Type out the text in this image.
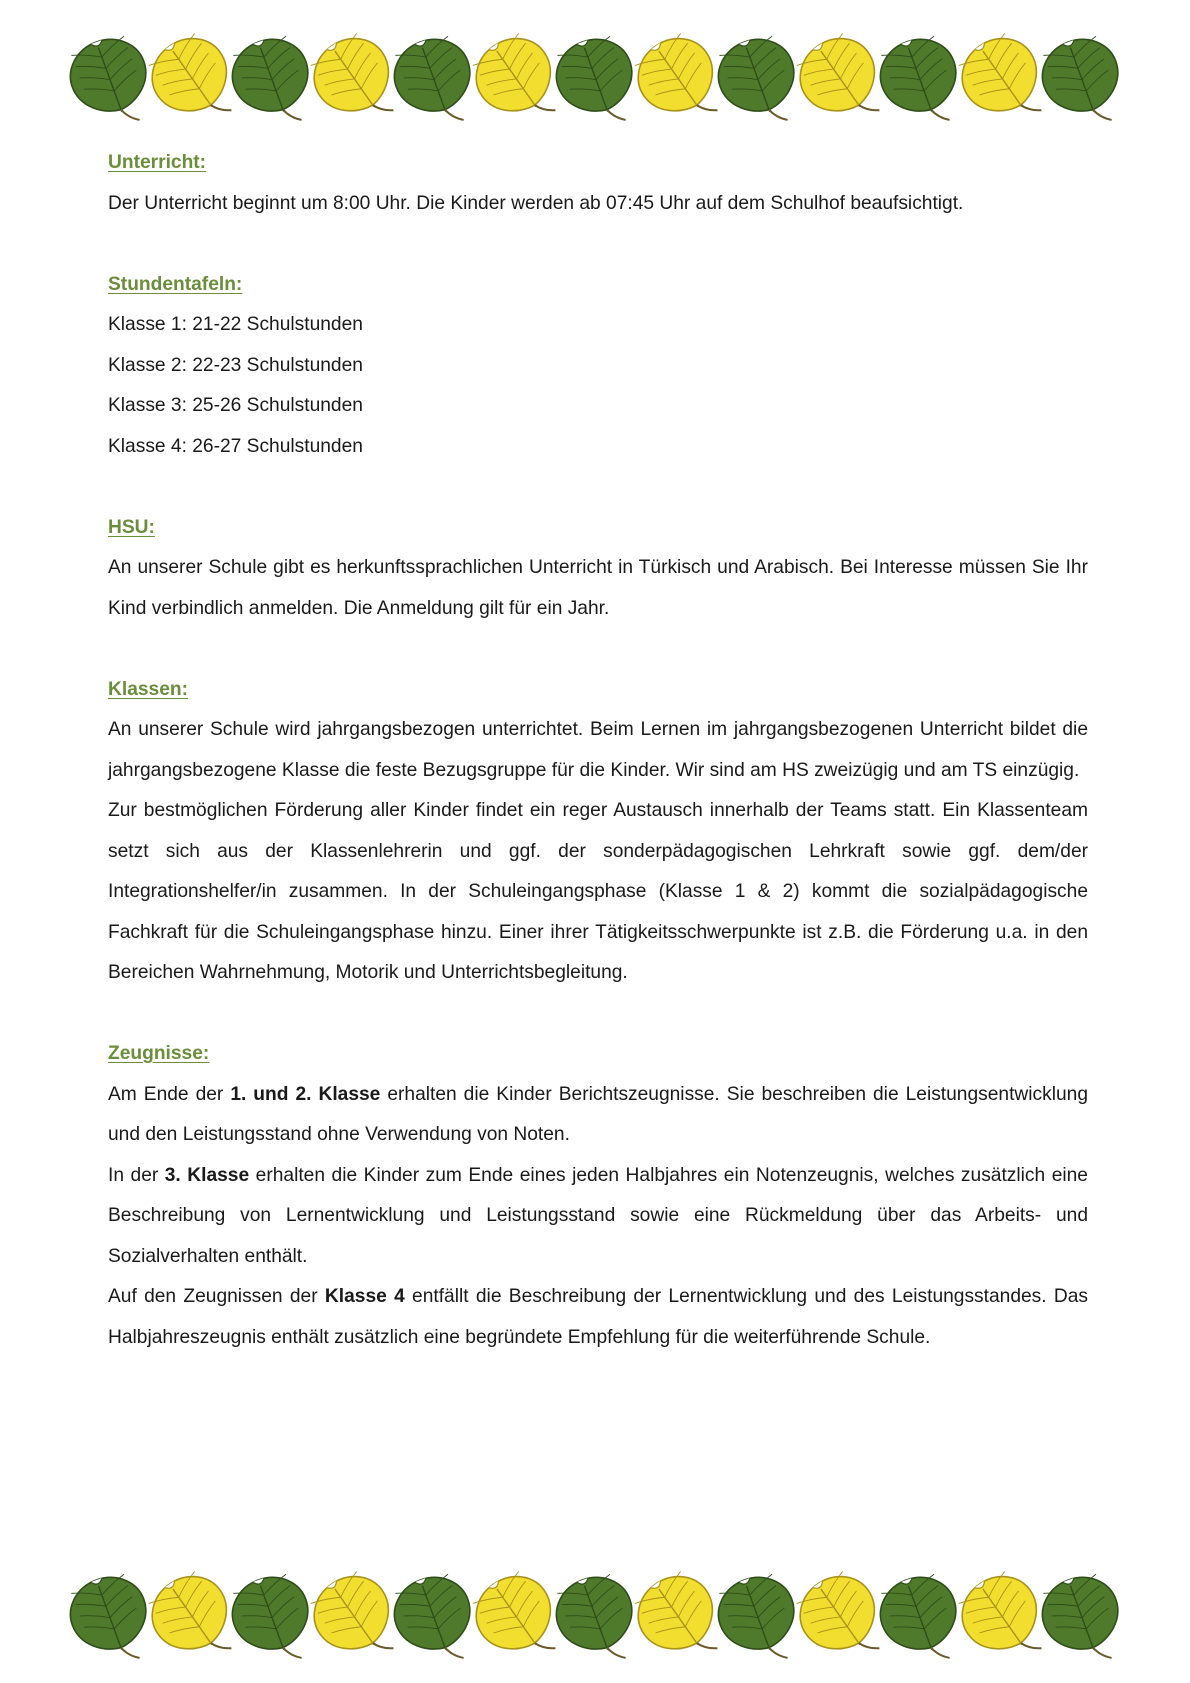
Unterricht:

Der Unterricht beginnt um 8:00 Uhr. Die Kinder werden ab 07:45 Uhr auf dem Schulhof beaufsichtigt.

Stundentafeln:
Klasse 1: 21-22 Schulstunden
Klasse 2: 22-23 Schulstunden
Klasse 3: 25-26 Schulstunden
Klasse 4: 26-27 Schulstunden
HSU:

An unserer Schule gibt es herkunftssprachlichen Unterricht in Türkisch und Arabisch. Bei Interesse müssen Sie Ihr Kind verbindlich anmelden. Die Anmeldung gilt für ein Jahr.

Klassen:

An unserer Schule wird jahrgangsbezogen unterrichtet. Beim Lernen im jahrgangsbezogenen Unterricht bildet die jahrgangsbezogene Klasse die feste Bezugsgruppe für die Kinder. Wir sind am HS zweizügig und am TS einzügig.

Zur bestmöglichen Förderung aller Kinder findet ein reger Austausch innerhalb der Teams statt. Ein Klassenteam setzt sich aus der Klassenlehrerin und ggf. der sonderpädagogischen Lehrkraft sowie ggf. dem/der Integrationshelfer/in zusammen. In der Schuleingangsphase (Klasse 1 & 2) kommt die sozialpädagogische Fachkraft für die Schuleingangsphase hinzu. Einer ihrer Tätigkeitsschwerpunkte ist z.B. die Förderung u.a. in den Bereichen Wahrnehmung, Motorik und Unterrichtsbegleitung.

Zeugnisse:

Am Ende der 1. und 2. Klasse erhalten die Kinder Berichtszeugnisse. Sie beschreiben die Leistungsentwicklung und den Leistungsstand ohne Verwendung von Noten.

In der 3. Klasse erhalten die Kinder zum Ende eines jeden Halbjahres ein Notenzeugnis, welches zusätzlich eine Beschreibung von Lernentwicklung und Leistungsstand sowie eine Rückmeldung über das Arbeits- und Sozialverhalten enthält.

Auf den Zeugnissen der Klasse 4 entfällt die Beschreibung der Lernentwicklung und des Leistungsstandes. Das Halbjahreszeugnis enthält zusätzlich eine begründete Empfehlung für die weiterführende Schule.
